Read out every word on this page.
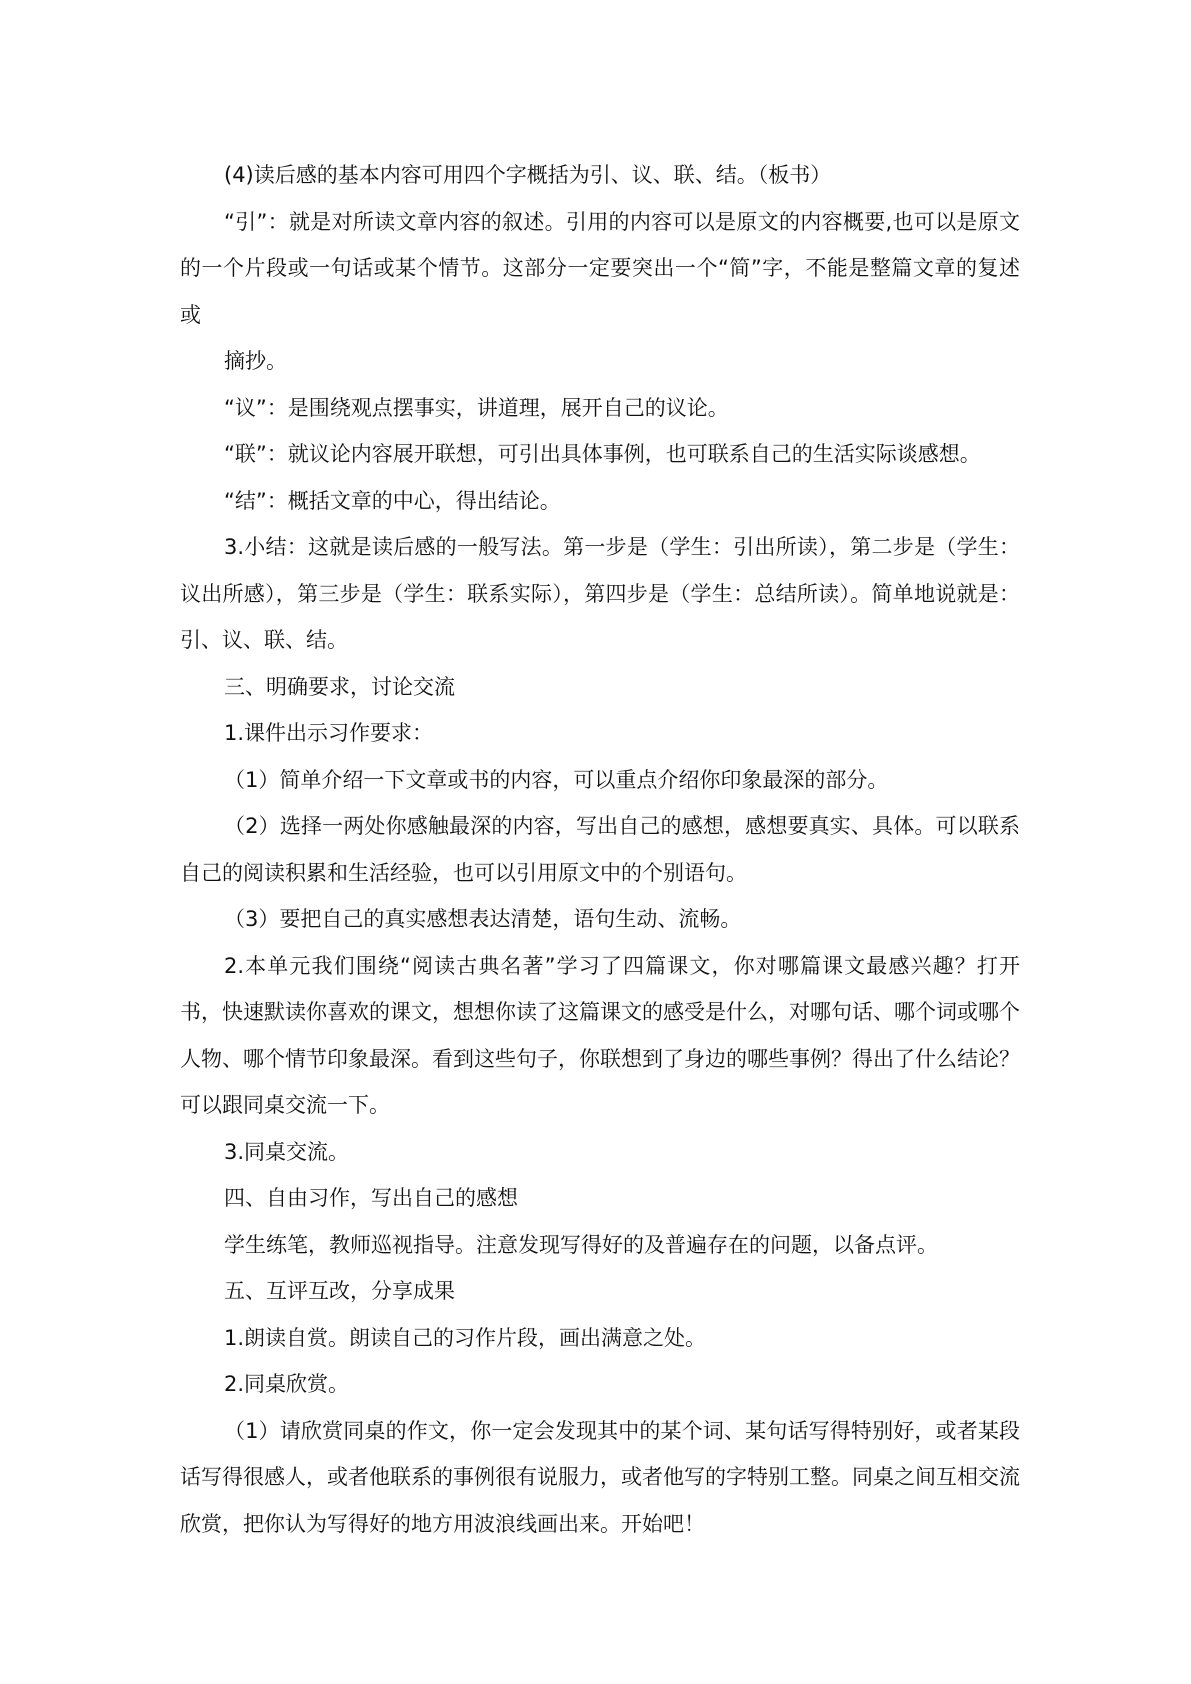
(4)读后感的基本内容可用四个字概括为引、议、联、结。（板书）

“引”：就是对所读文章内容的叙述。引用的内容可以是原文的内容概要,也可以是原文的一个片段或一句话或某个情节。这部分一定要突出一个“简”字，不能是整篇文章的复述或

摘抄。

“议”：是围绕观点摆事实，讲道理，展开自己的议论。

“联”：就议论内容展开联想，可引出具体事例，也可联系自己的生活实际谈感想。

“结”：概括文章的中心，得出结论。

3.小结：这就是读后感的一般写法。第一步是（学生：引出所读），第二步是（学生：议出所感），第三步是（学生：联系实际），第四步是（学生：总结所读）。简单地说就是：引、议、联、结。

三、明确要求，讨论交流

1.课件出示习作要求：

（1）简单介绍一下文章或书的内容，可以重点介绍你印象最深的部分。

（2）选择一两处你感触最深的内容，写出自己的感想，感想要真实、具体。可以联系自己的阅读积累和生活经验，也可以引用原文中的个别语句。

（3）要把自己的真实感想表达清楚，语句生动、流畅。

2.本单元我们围绕“阅读古典名著”学习了四篇课文，你对哪篇课文最感兴趣？打开书，快速默读你喜欢的课文，想想你读了这篇课文的感受是什么，对哪句话、哪个词或哪个人物、哪个情节印象最深。看到这些句子，你联想到了身边的哪些事例？得出了什么结论？可以跟同桌交流一下。

3.同桌交流。

四、自由习作，写出自己的感想

学生练笔，教师巡视指导。注意发现写得好的及普遍存在的问题，以备点评。

五、互评互改，分享成果

1.朗读自赏。朗读自己的习作片段，画出满意之处。

2.同桌欣赏。

（1）请欣赏同桌的作文，你一定会发现其中的某个词、某句话写得特别好，或者某段话写得很感人，或者他联系的事例很有说服力，或者他写的字特别工整。同桌之间互相交流欣赏，把你认为写得好的地方用波浪线画出来。开始吧！
